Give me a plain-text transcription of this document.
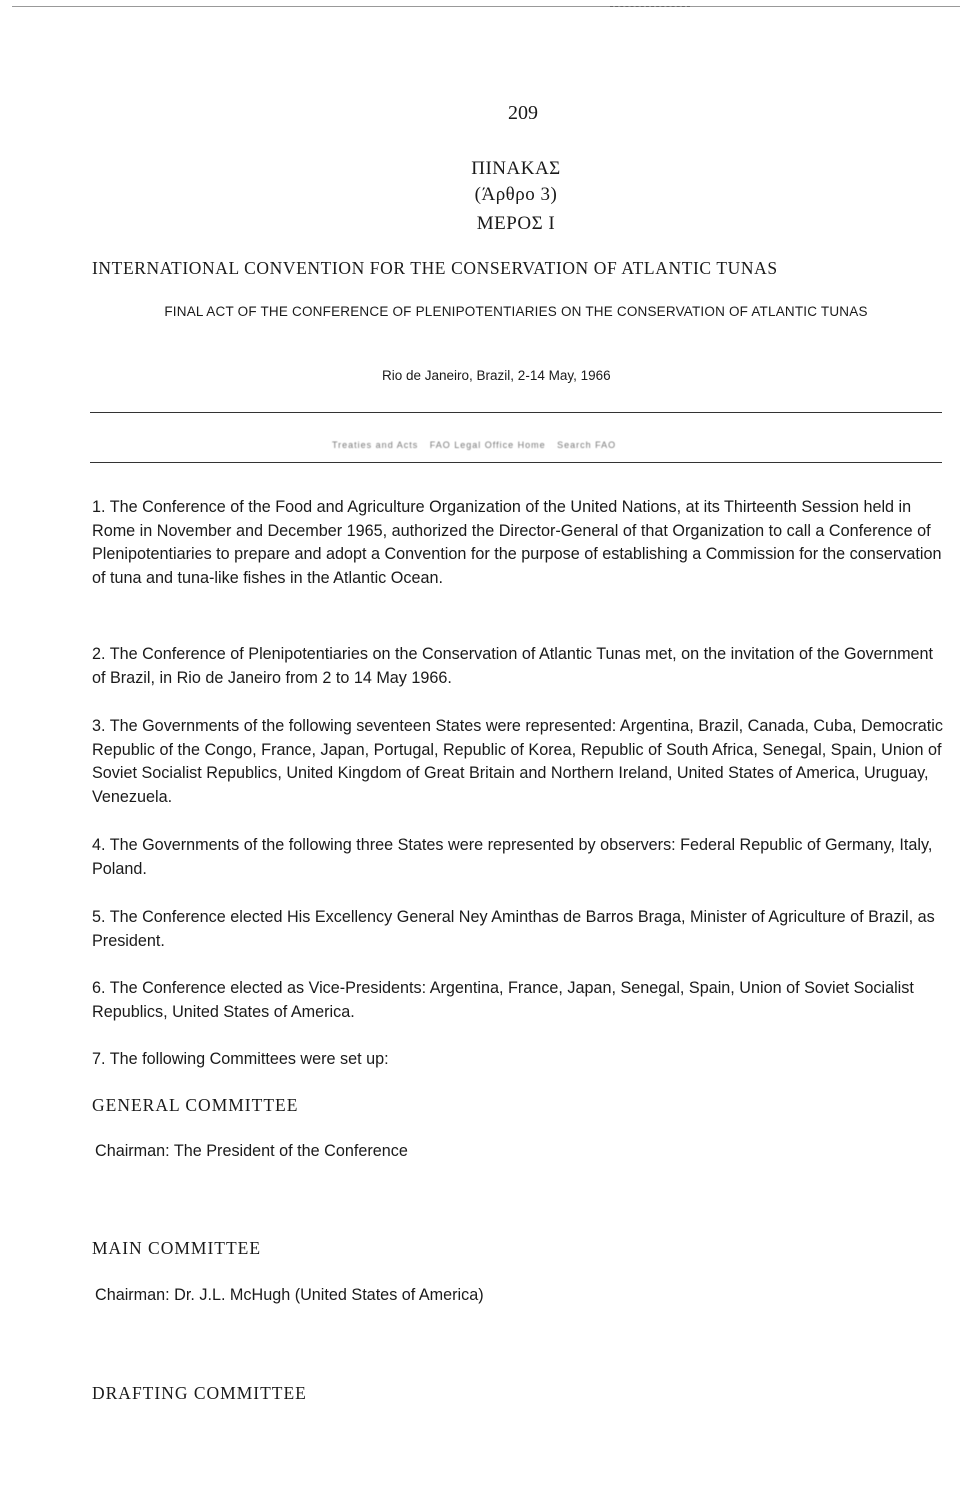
209
ΠΙΝΑΚΑΣ
(Άρθρο 3)
ΜΕΡΟΣ Ι
INTERNATIONAL CONVENTION FOR THE CONSERVATION OF ATLANTIC TUNAS
FINAL ACT OF THE CONFERENCE OF PLENIPOTENTIARIES ON THE CONSERVATION OF ATLANTIC TUNAS
Rio de Janeiro, Brazil, 2-14 May, 1966
Treaties and Acts FAO Legal Office Home Search FAO
1. The Conference of the Food and Agriculture Organization of the United Nations, at its Thirteenth Session held in Rome in November and December 1965, authorized the Director-General of that Organization to call a Conference of Plenipotentiaries to prepare and adopt a Convention for the purpose of establishing a Commission for the conservation of tuna and tuna-like fishes in the Atlantic Ocean.
2. The Conference of Plenipotentiaries on the Conservation of Atlantic Tunas met, on the invitation of the Government of Brazil, in Rio de Janeiro from 2 to 14 May 1966.
3. The Governments of the following seventeen States were represented: Argentina, Brazil, Canada, Cuba, Democratic Republic of the Congo, France, Japan, Portugal, Republic of Korea, Republic of South Africa, Senegal, Spain, Union of Soviet Socialist Republics, United Kingdom of Great Britain and Northern Ireland, United States of America, Uruguay, Venezuela.
4. The Governments of the following three States were represented by observers: Federal Republic of Germany, Italy, Poland.
5. The Conference elected His Excellency General Ney Aminthas de Barros Braga, Minister of Agriculture of Brazil, as President.
6. The Conference elected as Vice-Presidents: Argentina, France, Japan, Senegal, Spain, Union of Soviet Socialist Republics, United States of America.
7. The following Committees were set up:
GENERAL COMMITTEE
Chairman: The President of the Conference
MAIN COMMITTEE
Chairman: Dr. J.L. McHugh (United States of America)
DRAFTING COMMITTEE
